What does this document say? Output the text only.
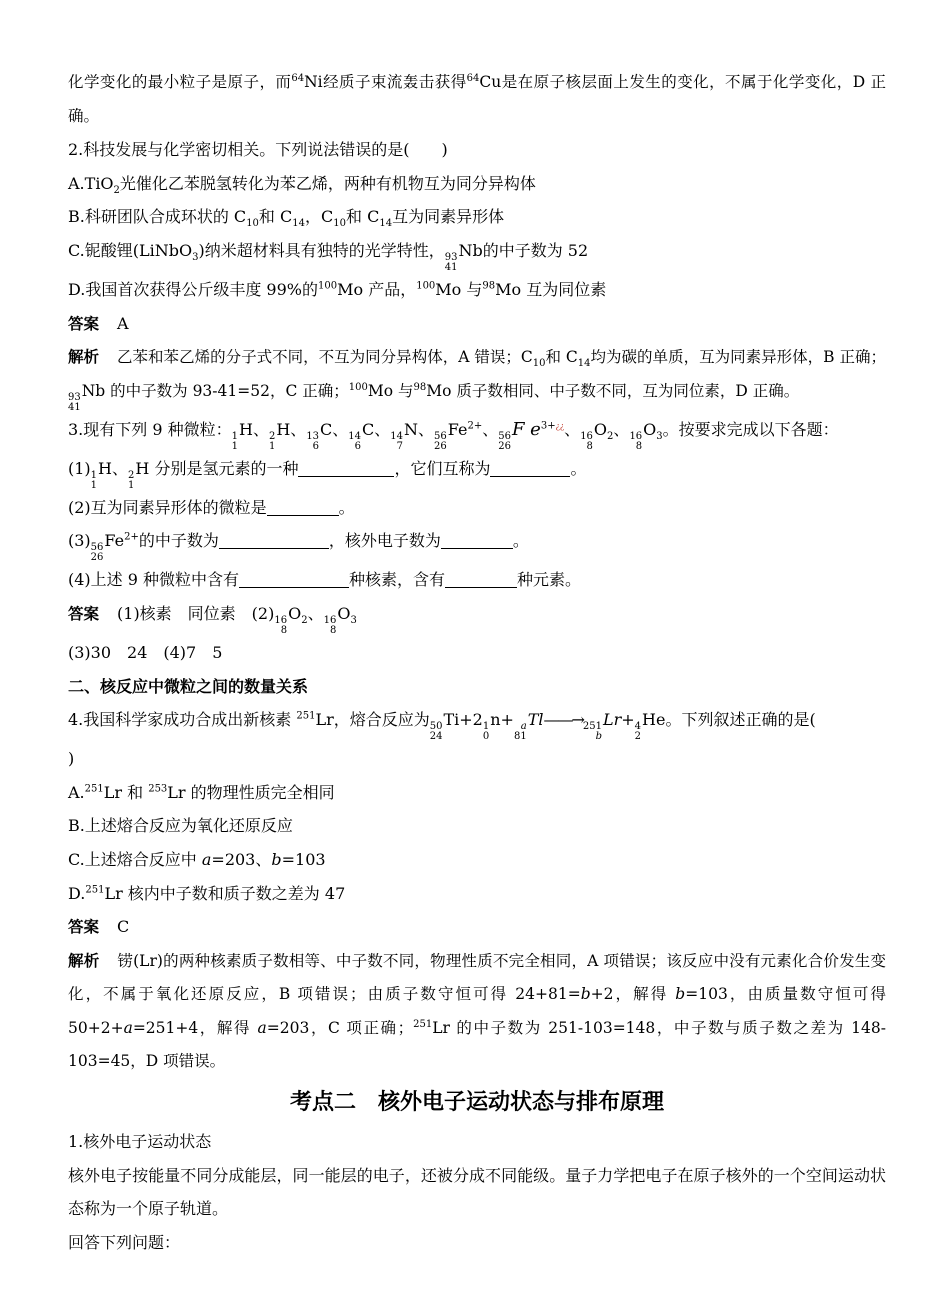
化学变化的最小粒子是原子，而$^{64}$Ni经质子束流轰击获得$^{64}$Cu是在原子核层面上发生的变化，不属于化学变化，D 正确。
2.科技发展与化学密切相关。下列说法错误的是(　　)
A.TiO$_2$光催化乙苯脱氢转化为苯乙烯，两种有机物互为同分异构体
B.科研团队合成环状的 $C_{10}$和 $C_{14}$，$C_{10}$和 $C_{14}$互为同素异形体
C.铌酸锂(LiNbO$_3$)纳米超材料具有独特的光学特性， 93
41
Nb的中子数为 52
D.我国首次获得公斤级丰度 99%的$^{100}$Mo 产品，$^{100}$Mo 与$^{98}$Mo 互为同位素
答案 A
解析 乙苯和苯乙烯的分子式不同，不互为同分异构体，A 错误；$C_{10}$和 $C_{14}$均为碳的单质，互为同素异形体，B 正确；
93
41
Nb 的中子数为 93-41=52，C 正确；$^{100}$Mo 与$^{98}$Mo 质子数相同、中子数不同，互为同位素，D 正确。
3.现有下列 9 种微粒： 1
1
H、 2
1
H、 13
6
C、 14
6
C、 14
7
N、 56
26
$Fe^{2+}$、 56
26
F $e^{3+¿¿}$、 16
8
$O_2$、 16
8
$O_3$。按要求完成以下各题：
(1) 1
1
H、 2
1
H 分别是氢元素的一种	，它们互称为	。
(2)互为同素异形体的微粒是	。
(3) 56
26
$Fe^{2+}$的中子数为	，核外电子数为	。
(4)上述 9 种微粒中含有	种核素，含有	种元素。
答案 (1)核素　同位素　(2) 16
8
$O_2$、 16
8
$O_3$
(3)30　24　(4)7　5
二、核反应中微粒之间的数量关系
4.我国科学家成功合成出新核素 $^{251}$Lr，熔合反应为 50
24
Ti+2 1
0
n+ a
81
Tl——→ 251
b
Lr+ 4
2
He。下列叙述正确的是(
)
A.$^{251}$Lr 和 $^{253}$Lr 的物理性质完全相同
B.上述熔合反应为氧化还原反应
C.上述熔合反应中 a=203、b=103
D.$^{251}$Lr 核内中子数和质子数之差为 47
答案 C
解析 铹(Lr)的两种核素质子数相等、中子数不同，物理性质不完全相同，A 项错误；该反应中没有元素化合价发生变化，不属于氧化还原反应，B 项错误；由质子数守恒可得 24+81=b+2，解得 b=103，由质量数守恒可得 50+2+a=251+4，解得 a=203，C 项正确；$^{251}$Lr 的中子数为 251-103=148，中子数与质子数之差为 148-103=45，D 项错误。
考点二　核外电子运动状态与排布原理
1.核外电子运动状态
核外电子按能量不同分成能层，同一能层的电子，还被分成不同能级。量子力学把电子在原子核外的一个空间运动状态称为一个原子轨道。
回答下列问题：
